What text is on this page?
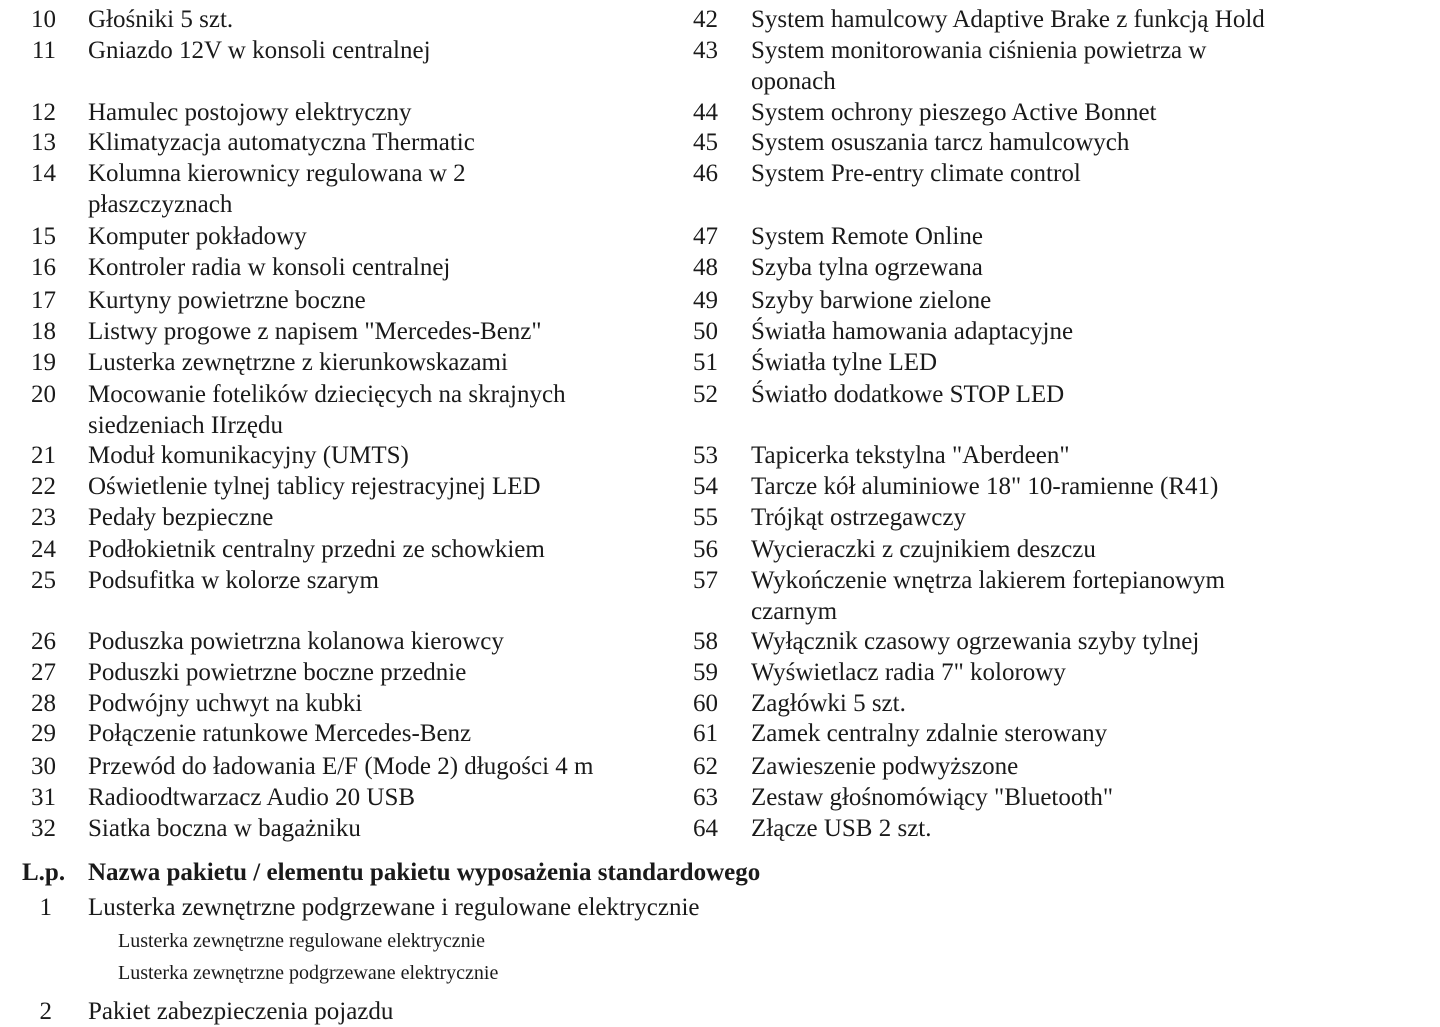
10 Głośniki 5 szt.
11 Gniazdo 12V w konsoli centralnej
12 Hamulec postojowy elektryczny
13 Klimatyzacja automatyczna Thermatic
14 Kolumna kierownicy regulowana w 2
płaszczyznach
15 Komputer pokładowy
16 Kontroler radia w konsoli centralnej
17 Kurtyny powietrzne boczne
18 Listwy progowe z napisem "Mercedes-Benz"
19 Lusterka zewnętrzne z kierunkowskazami
20 Mocowanie fotelików dziecięcych na skrajnych
siedzeniach IIrzędu
21 Moduł komunikacyjny (UMTS)
22 Oświetlenie tylnej tablicy rejestracyjnej LED
23 Pedały bezpieczne
24 Podłokietnik centralny przedni ze schowkiem
25 Podsufitka w kolorze szarym
26 Poduszka powietrzna kolanowa kierowcy
27 Poduszki powietrzne boczne przednie
28 Podwójny uchwyt na kubki
29 Połączenie ratunkowe Mercedes-Benz
30 Przewód do ładowania E/F (Mode 2) długości 4 m
31 Radioodtwarzacz Audio 20 USB
32 Siatka boczna w bagażniku
42 System hamulcowy Adaptive Brake z funkcją Hold
43 System monitorowania ciśnienia powietrza w
oponach
44 System ochrony pieszego Active Bonnet
45 System osuszania tarcz hamulcowych
46 System Pre-entry climate control
47 System Remote Online
48 Szyba tylna ogrzewana
49 Szyby barwione zielone
50 Światła hamowania adaptacyjne
51 Światła tylne LED
52 Światło dodatkowe STOP LED
53 Tapicerka tekstylna "Aberdeen"
54 Tarcze kół aluminiowe 18" 10-ramienne (R41)
55 Trójkąt ostrzegawczy
56 Wycieraczki z czujnikiem deszczu
57 Wykończenie wnętrza lakierem fortepianowym
czarnym
58 Wyłącznik czasowy ogrzewania szyby tylnej
59 Wyświetlacz radia 7" kolorowy
60 Zagłówki 5 szt.
61 Zamek centralny zdalnie sterowany
62 Zawieszenie podwyższone
63 Zestaw głośnomówiący "Bluetooth"
64 Złącze USB 2 szt.
L.p. Nazwa pakietu / elementu pakietu wyposażenia standardowego
1 Lusterka zewnętrzne podgrzewane i regulowane elektrycznie
Lusterka zewnętrzne regulowane elektrycznie
Lusterka zewnętrzne podgrzewane elektrycznie
2 Pakiet zabezpieczenia pojazdu
